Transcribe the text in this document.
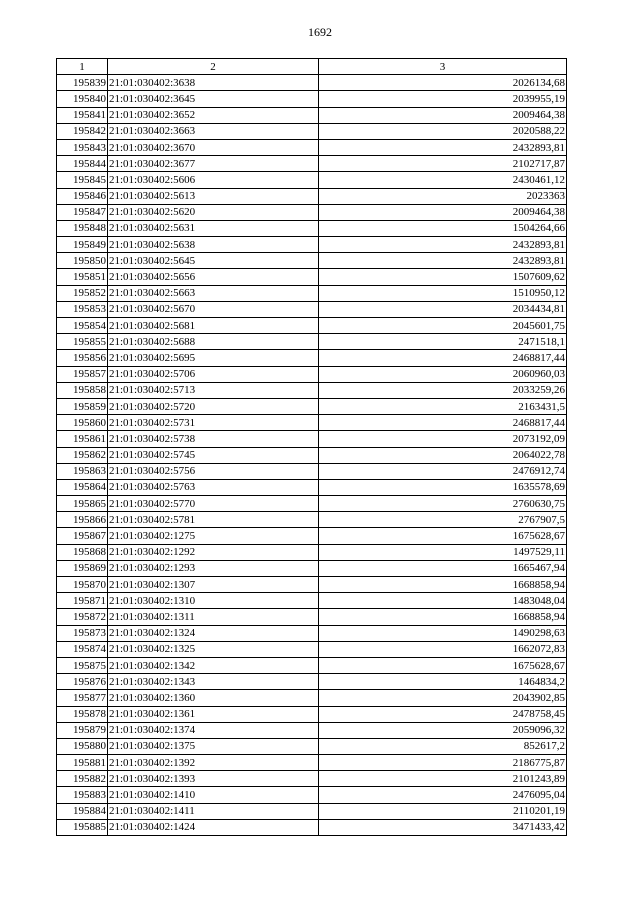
1692
1	2	3
195839	21:01:030402:3638	2026134,68
195840	21:01:030402:3645	2039955,19
195841	21:01:030402:3652	2009464,38
195842	21:01:030402:3663	2020588,22
195843	21:01:030402:3670	2432893,81
195844	21:01:030402:3677	2102717,87
195845	21:01:030402:5606	2430461,12
195846	21:01:030402:5613	2023363
195847	21:01:030402:5620	2009464,38
195848	21:01:030402:5631	1504264,66
195849	21:01:030402:5638	2432893,81
195850	21:01:030402:5645	2432893,81
195851	21:01:030402:5656	1507609,62
195852	21:01:030402:5663	1510950,12
195853	21:01:030402:5670	2034434,81
195854	21:01:030402:5681	2045601,75
195855	21:01:030402:5688	2471518,1
195856	21:01:030402:5695	2468817,44
195857	21:01:030402:5706	2060960,03
195858	21:01:030402:5713	2033259,26
195859	21:01:030402:5720	2163431,5
195860	21:01:030402:5731	2468817,44
195861	21:01:030402:5738	2073192,09
195862	21:01:030402:5745	2064022,78
195863	21:01:030402:5756	2476912,74
195864	21:01:030402:5763	1635578,69
195865	21:01:030402:5770	2760630,75
195866	21:01:030402:5781	2767907,5
195867	21:01:030402:1275	1675628,67
195868	21:01:030402:1292	1497529,11
195869	21:01:030402:1293	1665467,94
195870	21:01:030402:1307	1668858,94
195871	21:01:030402:1310	1483048,04
195872	21:01:030402:1311	1668858,94
195873	21:01:030402:1324	1490298,63
195874	21:01:030402:1325	1662072,83
195875	21:01:030402:1342	1675628,67
195876	21:01:030402:1343	1464834,2
195877	21:01:030402:1360	2043902,85
195878	21:01:030402:1361	2478758,45
195879	21:01:030402:1374	2059096,32
195880	21:01:030402:1375	852617,2
195881	21:01:030402:1392	2186775,87
195882	21:01:030402:1393	2101243,89
195883	21:01:030402:1410	2476095,04
195884	21:01:030402:1411	2110201,19
195885	21:01:030402:1424	3471433,42
